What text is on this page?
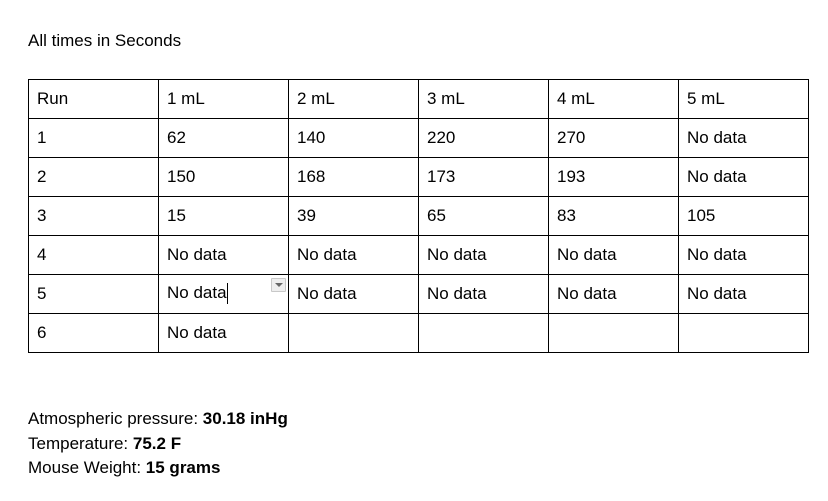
All times in Seconds
Run	1 mL	2 mL	3 mL	4 mL	5 mL
1	62	140	220	270	No data
2	150	168	173	193	No data
3	15	39	65	83	105
4	No data	No data	No data	No data	No data
5	No data	No data	No data	No data	No data
6	No data				
Atmospheric pressure: 30.18 inHg
Temperature: 75.2 F
Mouse Weight: 15 grams
